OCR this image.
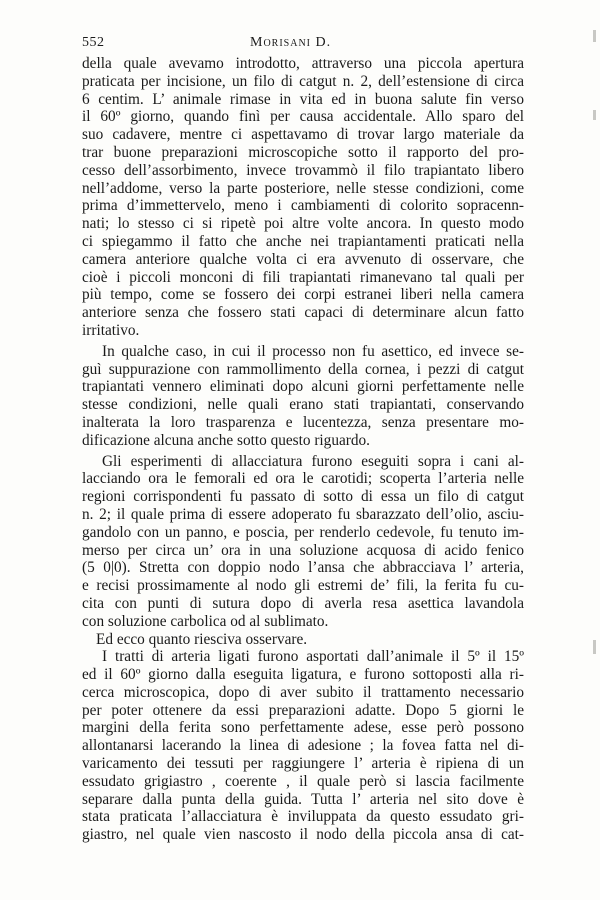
552	Morisani D.
della quale avevamo introdotto, attraverso una piccola apertura
praticata per incisione, un filo di catgut n. 2, dell’estensione di circa
6 centim. L’ animale rimase in vita ed in buona salute fin verso
il 60º giorno, quando finì per causa accidentale. Allo sparo del
suo cadavere, mentre ci aspettavamo di trovar largo materiale da
trar buone preparazioni microscopiche sotto il rapporto del pro-
cesso dell’assorbimento, invece trovammò il filo trapiantato libero
nell’addome, verso la parte posteriore, nelle stesse condizioni, come
prima d’immettervelo, meno i cambiamenti di colorito sopracenn-
nati; lo stesso ci si ripetè poi altre volte ancora. In questo modo
ci spiegammo il fatto che anche nei trapiantamenti praticati nella
camera anteriore qualche volta ci era avvenuto di osservare, che
cioè i piccoli monconi di fili trapiantati rimanevano tal quali per
più tempo, come se fossero dei corpi estranei liberi nella camera
anteriore senza che fossero stati capaci di determinare alcun fatto
irritativo.
In qualche caso, in cui il processo non fu asettico, ed invece se-
guì suppurazione con rammollimento della cornea, i pezzi di catgut
trapiantati vennero eliminati dopo alcuni giorni perfettamente nelle
stesse condizioni, nelle quali erano stati trapiantati, conservando
inalterata la loro trasparenza e lucentezza, senza presentare mo-
dificazione alcuna anche sotto questo riguardo.
Gli esperimenti di allacciatura furono eseguiti sopra i cani al-
lacciando ora le femorali ed ora le carotidi; scoperta l’arteria nelle
regioni corrispondenti fu passato di sotto di essa un filo di catgut
n. 2; il quale prima di essere adoperato fu sbarazzato dell’olio, asciu-
gandolo con un panno, e poscia, per renderlo cedevole, fu tenuto im-
merso per circa un’ ora in una soluzione acquosa di acido fenico
(5 0|0). Stretta con doppio nodo l’ansa che abbracciava l’ arteria,
e recisi prossimamente al nodo gli estremi de’ fili, la ferita fu cu-
cita con punti di sutura dopo di averla resa asettica lavandola
con soluzione carbolica od al sublimato.
Ed ecco quanto riesciva osservare.
I tratti di arteria ligati furono asportati dall’animale il 5º il 15º
ed il 60º giorno dalla eseguita ligatura, e furono sottoposti alla ri-
cerca microscopica, dopo di aver subito il trattamento necessario
per poter ottenere da essi preparazioni adatte. Dopo 5 giorni le
margini della ferita sono perfettamente adese, esse però possono
allontanarsi lacerando la linea di adesione ; la fovea fatta nel di-
varicamento dei tessuti per raggiungere l’ arteria è ripiena di un
essudato grigiastro , coerente , il quale però si lascia facilmente
separare dalla punta della guida. Tutta l’ arteria nel sito dove è
stata praticata l’allacciatura è inviluppata da questo essudato gri-
giastro, nel quale vien nascosto il nodo della piccola ansa di cat-
